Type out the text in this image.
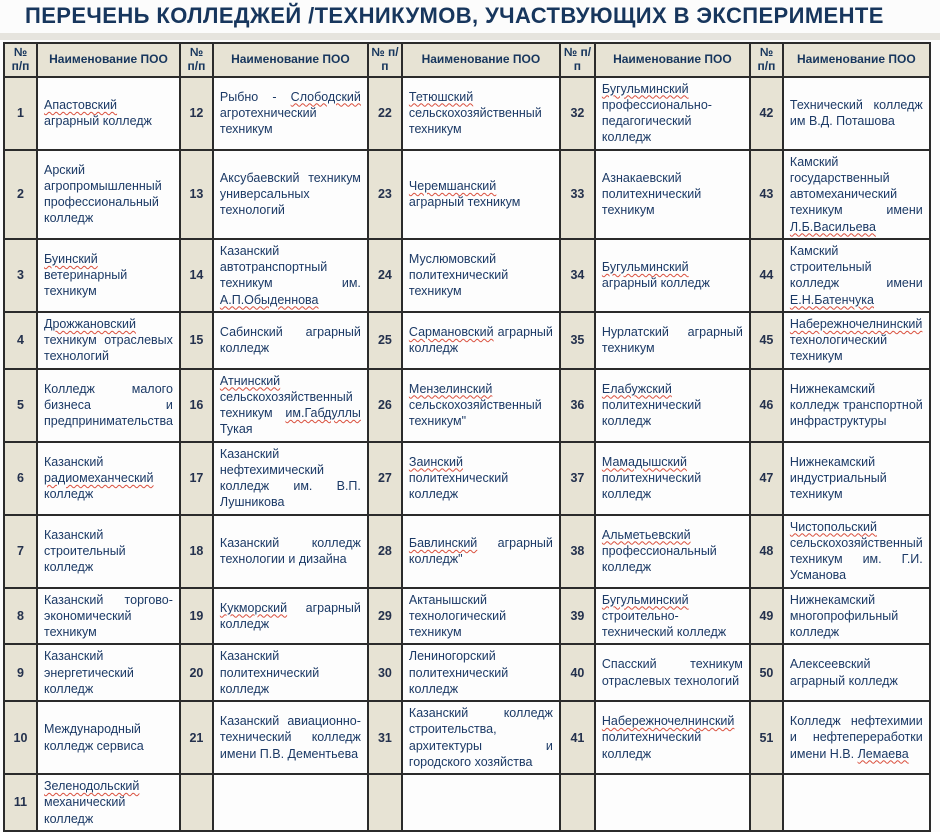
ПЕРЕЧЕНЬ КОЛЛЕДЖЕЙ /ТЕХНИКУМОВ, УЧАСТВУЮЩИХ В ЭКСПЕРИМЕНТЕ
№ п/п	Наименование ПОО	№ п/п	Наименование ПОО	№ п/п	Наименование ПОО	№ п/п	Наименование ПОО	№ п/п	Наименование ПОО
1	Апастовский аграрный колледж	12	Рыбно - Слободский агротехнический техникум	22	Тетюшский сельскохозяйственный техникум	32	Бугульминский профессионально-педагогический колледж	42	Технический колледж им В.Д. Поташова
2	Арский агропромышленный профессиональный колледж	13	Аксубаевский техникум универсальных технологий	23	Черемшанский аграрный техникум	33	Азнакаевский политехнический техникум	43	Камский государственный автомеханический техникум имени Л.Б.Васильева
3	Буинский ветеринарный техникум	14	Казанский автотранспортный техникум им. А.П.Обыденнова	24	Муслюмовский политехнический техникум	34	Бугульминский аграрный колледж	44	Камский строительный колледж имени Е.Н.Батенчука
4	Дрожжановский техникум отраслевых технологий	15	Сабинский аграрный колледж	25	Сармановский аграрный колледж	35	Нурлатский аграрный техникум	45	Набережночелнинский технологический техникум
5	Колледж малого бизнеса и предпринимательства	16	Атнинский сельскохозяйственный техникум им.Габдуллы Тукая	26	Мензелинский сельскохозяйственный техникум"	36	Елабужский политехнический колледж	46	Нижнекамский колледж транспортной инфраструктуры
6	Казанский радиомеханческий колледж	17	Казанский нефтехимический колледж им. В.П. Лушникова	27	Заинский политехнический колледж	37	Мамадышский политехнический колледж	47	Нижнекамский индустриальный техникум
7	Казанский строительный колледж	18	Казанский колледж технологии и дизайна	28	Бавлинский аграрный колледж"	38	Альметьевский профессиональный колледж	48	Чистопольский сельскохозяйственный техникум им. Г.И. Усманова
8	Казанский торгово-экономический техникум	19	Кукморский аграрный колледж	29	Актанышский технологический техникум	39	Бугульминский строительно-технический колледж	49	Нижнекамский многопрофильный колледж
9	Казанский энергетический колледж	20	Казанский политехнический колледж	30	Лениногорский политехнический колледж	40	Спасский техникум отраслевых технологий	50	Алексеевский аграрный колледж
10	Международный колледж сервиса	21	Казанский авиационно-технический колледж имени П.В. Дементьева	31	Казанский колледж строительства, архитектуры и городского хозяйства	41	Набережночелнинский политехнический колледж	51	Колледж нефтехимии и нефтепереработки имени Н.В. Лемаева
11	Зеленодольский механический колледж								
